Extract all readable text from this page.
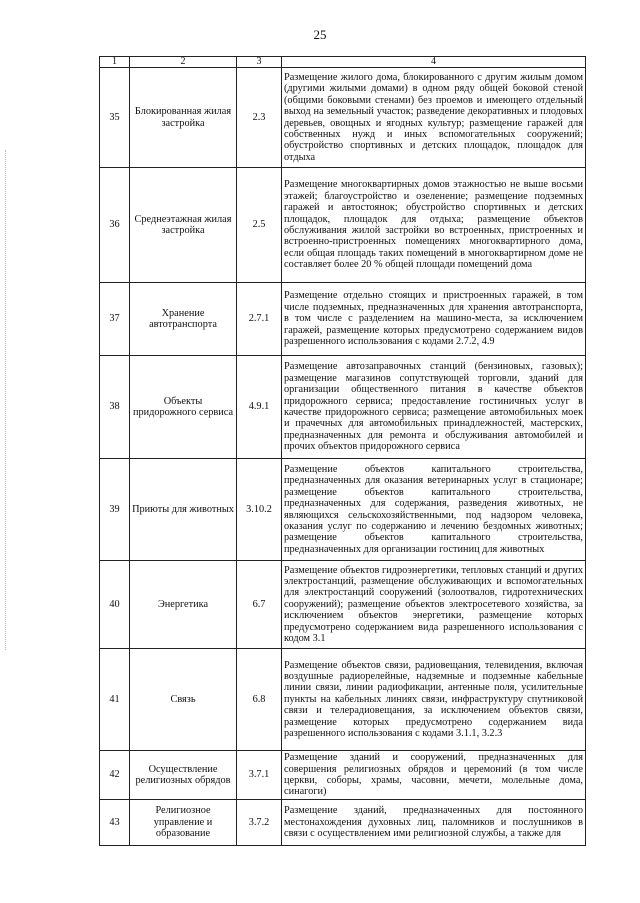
25
1	2	3	4
35	Блокированная жилая застройка	2.3	Размещение жилого дома, блокированного с другим жилым домом (другими жилыми домами) в одном ряду общей боковой стеной (общими боковыми стенами) без проемов и имеющего отдельный выход на земельный участок; разведение декоративных и плодовых деревьев, овощных и ягодных культур; размещение гаражей для собственных нужд и иных вспомогательных сооружений; обустройство спортивных и детских площадок, площадок для отдыха
36	Среднеэтажная жилая застройка	2.5	Размещение многоквартирных домов этажностью не выше восьми этажей; благоустройство и озеленение; размещение подземных гаражей и автостоянок; обустройство спортивных и детских площадок, площадок для отдыха; размещение объектов обслуживания жилой застройки во встроенных, пристроенных и встроенно-пристроенных помещениях многоквартирного дома, если общая площадь таких помещений в многоквартирном доме не составляет более 20 % общей площади помещений дома
37	Хранение автотранспорта	2.7.1	Размещение отдельно стоящих и пристроенных гаражей, в том числе подземных, предназначенных для хранения автотранспорта, в том числе с разделением на машино-места, за исключением гаражей, размещение которых предусмотрено содержанием видов разрешенного использования с кодами 2.7.2, 4.9
38	Объекты придорожного сервиса	4.9.1	Размещение автозаправочных станций (бензиновых, газовых); размещение магазинов сопутствующей торговли, зданий для организации общественного питания в качестве объектов придорожного сервиса; предоставление гостиничных услуг в качестве придорожного сервиса; размещение автомобильных моек и прачечных для автомобильных принадлежностей, мастерских, предназначенных для ремонта и обслуживания автомобилей и прочих объектов придорожного сервиса
39	Приюты для животных	3.10.2	Размещение объектов капитального строительства, предназначенных для оказания ветеринарных услуг в стационаре; размещение объектов капитального строительства, предназначенных для содержания, разведения животных, не являющихся сельскохозяйственными, под надзором человека, оказания услуг по содержанию и лечению бездомных животных; размещение объектов капитального строительства, предназначенных для организации гостиниц для животных
40	Энергетика	6.7	Размещение объектов гидроэнергетики, тепловых станций и других электростанций, размещение обслуживающих и вспомогательных для электростанций сооружений (золоотвалов, гидротехнических сооружений); размещение объектов электросетевого хозяйства, за исключением объектов энергетики, размещение которых предусмотрено содержанием вида разрешенного использования с кодом 3.1
41	Связь	6.8	Размещение объектов связи, радиовещания, телевидения, включая воздушные радиорелейные, надземные и подземные кабельные линии связи, линии радиофикации, антенные поля, усилительные пункты на кабельных линиях связи, инфраструктуру спутниковой связи и телерадиовещания, за исключением объектов связи, размещение которых предусмотрено содержанием вида разрешенного использования с кодами 3.1.1, 3.2.3
42	Осуществление религиозных обрядов	3.7.1	Размещение зданий и сооружений, предназначенных для совершения религиозных обрядов и церемоний (в том числе церкви, соборы, храмы, часовни, мечети, молельные дома, синагоги)
43	Религиозное управление и образование	3.7.2	Размещение зданий, предназначенных для постоянного местонахождения духовных лиц, паломников и послушников в связи с осуществлением ими религиозной службы, а также для
